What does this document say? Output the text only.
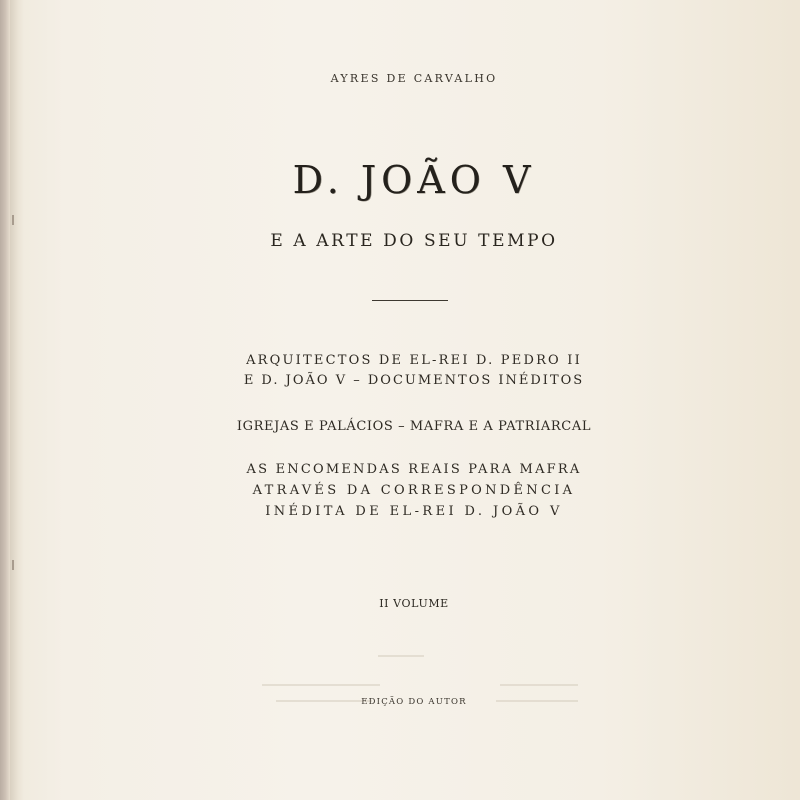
AYRES DE CARVALHO

D. JOÃO V

E A ARTE DO SEU TEMPO

ARQUITECTOS DE EL-REI D. PEDRO II

E D. JOÃO V – DOCUMENTOS INÉDITOS

IGREJAS E PALÁCIOS – MAFRA E A PATRIARCAL

AS ENCOMENDAS REAIS PARA MAFRA

ATRAVÉS DA CORRESPONDÊNCIA

INÉDITA DE EL-REI D. JOÃO V

II VOLUME

EDIÇÃO DO AUTOR
